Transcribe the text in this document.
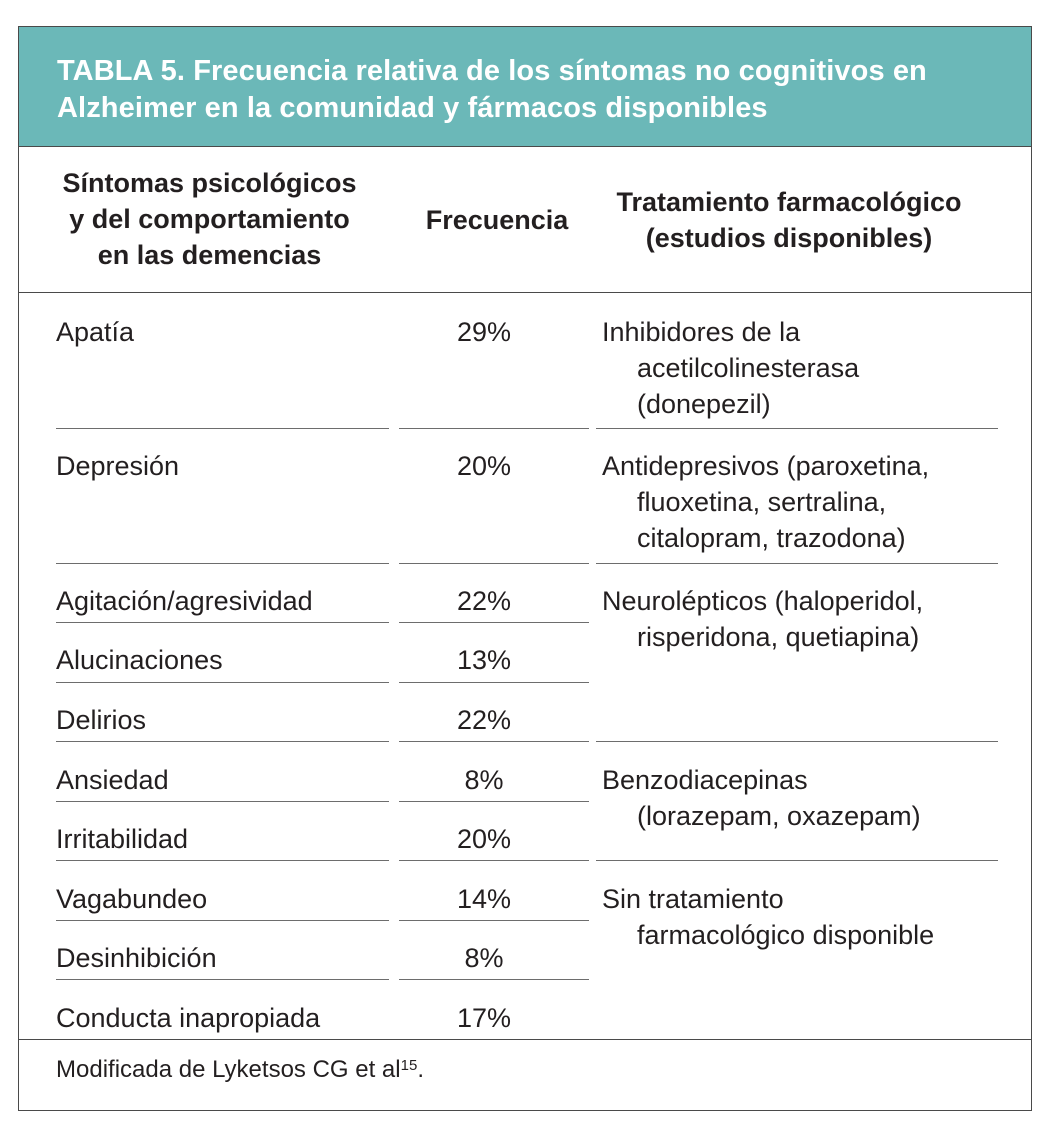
TABLA 5. Frecuencia relativa de los síntomas no cognitivos en
Alzheimer en la comunidad y fármacos disponibles
Síntomas psicológicos
y del comportamiento
en las demencias
Frecuencia
Tratamiento farmacológico
(estudios disponibles)
Apatía
Depresión
Agitación/agresividad
Alucinaciones
Delirios
Ansiedad
Irritabilidad
Vagabundeo
Desinhibición
Conducta inapropiada
29%
20%
22%
13%
22%
8%
20%
14%
8%
17%
Inhibidores de la
acetilcolinesterasa
(donepezil)
Antidepresivos (paroxetina,
fluoxetina, sertralina,
citalopram, trazodona)
Neurolépticos (haloperidol,
risperidona, quetiapina)
Benzodiacepinas
(lorazepam, oxazepam)
Sin tratamiento
farmacológico disponible
Modificada de Lyketsos CG et $al^{15}$.
